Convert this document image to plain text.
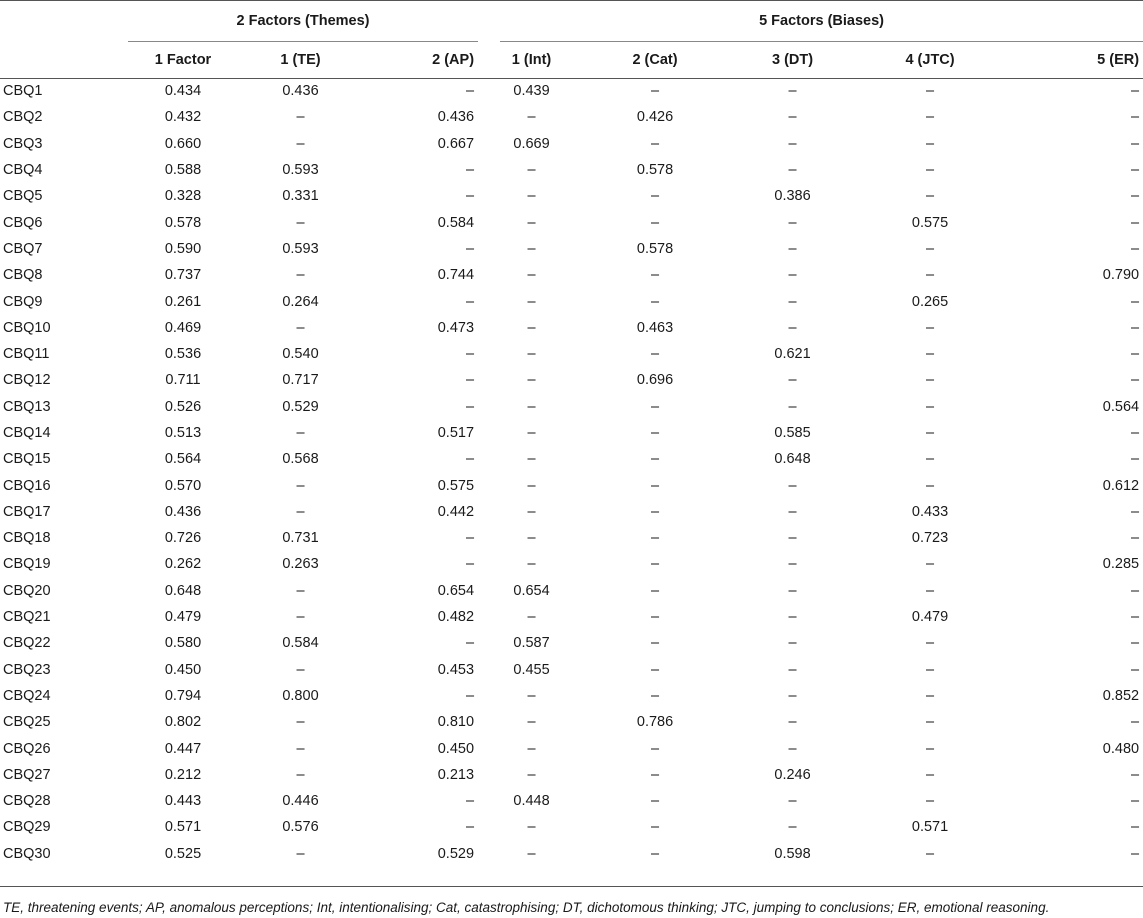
	2 Factors (Themes)			5 Factors (Biases)				
	1 Factor	1 (TE)	2 (AP)	1 (Int)	2 (Cat)	3 (DT)	4 (JTC)	5 (ER)
CBQ1	0.434	0.436	–	0.439	–	–	–	–
CBQ2	0.432	–	0.436	–	0.426	–	–	–
CBQ3	0.660	–	0.667	0.669	–	–	–	–
CBQ4	0.588	0.593	–	–	0.578	–	–	–
CBQ5	0.328	0.331	–	–	–	0.386	–	–
CBQ6	0.578	–	0.584	–	–	–	0.575	–
CBQ7	0.590	0.593	–	–	0.578	–	–	–
CBQ8	0.737	–	0.744	–	–	–	–	0.790
CBQ9	0.261	0.264	–	–	–	–	0.265	–
CBQ10	0.469	–	0.473	–	0.463	–	–	–
CBQ11	0.536	0.540	–	–	–	0.621	–	–
CBQ12	0.711	0.717	–	–	0.696	–	–	–
CBQ13	0.526	0.529	–	–	–	–	–	0.564
CBQ14	0.513	–	0.517	–	–	0.585	–	–
CBQ15	0.564	0.568	–	–	–	0.648	–	–
CBQ16	0.570	–	0.575	–	–	–	–	0.612
CBQ17	0.436	–	0.442	–	–	–	0.433	–
CBQ18	0.726	0.731	–	–	–	–	0.723	–
CBQ19	0.262	0.263	–	–	–	–	–	0.285
CBQ20	0.648	–	0.654	0.654	–	–	–	–
CBQ21	0.479	–	0.482	–	–	–	0.479	–
CBQ22	0.580	0.584	–	0.587	–	–	–	–
CBQ23	0.450	–	0.453	0.455	–	–	–	–
CBQ24	0.794	0.800	–	–	–	–	–	0.852
CBQ25	0.802	–	0.810	–	0.786	–	–	–
CBQ26	0.447	–	0.450	–	–	–	–	0.480
CBQ27	0.212	–	0.213	–	–	0.246	–	–
CBQ28	0.443	0.446	–	0.448	–	–	–	–
CBQ29	0.571	0.576	–	–	–	–	0.571	–
CBQ30	0.525	–	0.529	–	–	0.598	–	–
TE, threatening events; AP, anomalous perceptions; Int, intentionalising; Cat, catastrophising; DT, dichotomous thinking; JTC, jumping to conclusions; ER, emotional reasoning.
